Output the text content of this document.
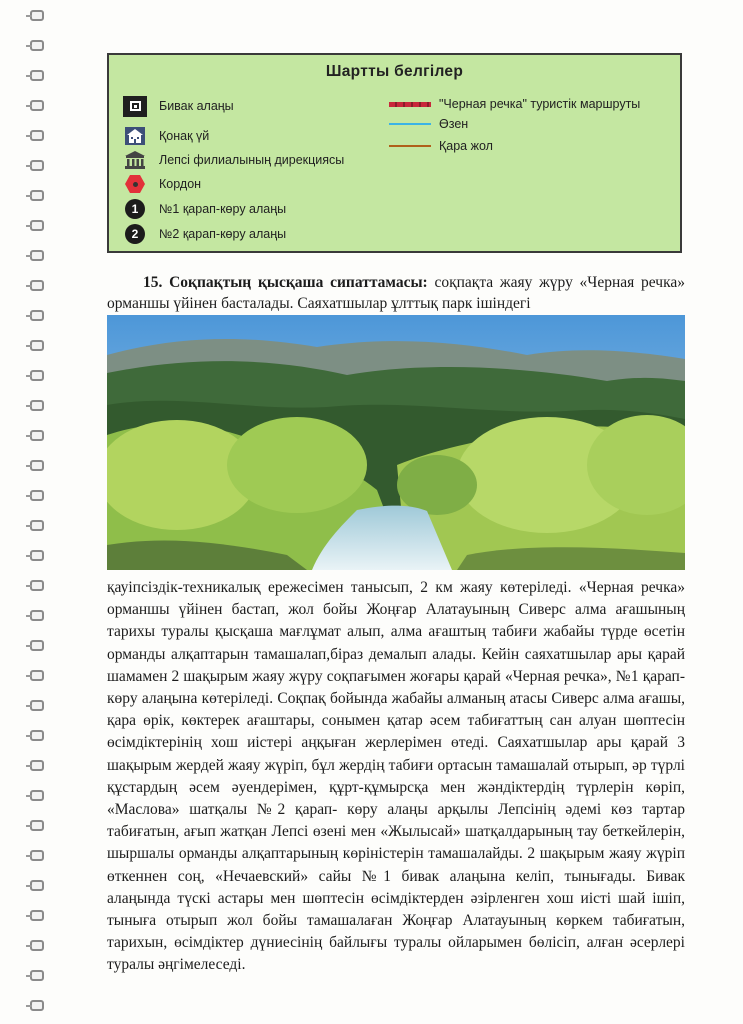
Шартты белгілер
Бивак алаңы
Қонақ үй
Лепсі филиалының дирекциясы
Кордон
1	№1 қарап-көру алаңы
2	№2 қарап-көру алаңы
"Черная речка" туристік маршруты
Өзен
Қара жол
15. Соқпақтың қысқаша сипаттамасы: соқпақта жаяу жүру «Черная речка» орманшы үйінен басталады. Саяхатшылар ұлттық парк ішіндегі
қауіпсіздік-техникалық ережесімен танысып, 2 км жаяу көтеріледі. «Черная речка» орманшы үйінен бастап, жол бойы Жоңғар Алатауының Сиверс алма ағашының тарихы туралы қысқаша мағлұмат алып, алма ағаштың табиғи жабайы түрде өсетін орманды алқаптарын тамашалап,біраз демалып алады. Кейін саяхатшылар ары қарай шамамен 2 шақырым жаяу жүру соқпағымен жоғары қарай «Черная речка», №1 қарап-көру алаңына көтеріледі. Соқпақ бойында жабайы алманың атасы Сиверс алма ағашы, қара өрік, көктерек ағаштары, сонымен қатар әсем табиғаттың сан алуан шөптесін өсімдіктерінің хош иістері аңқыған жерлерімен өтеді. Саяхатшылар ары қарай 3 шақырым жердей жаяу жүріп, бұл жердің табиғи ортасын тамашалай отырып, әр түрлі құстардың әсем әуендерімен, құрт-құмырсқа мен жәндіктердің түрлерін көріп, «Маслова» шатқалы №2 қарап- көру алаңы арқылы Лепсінің әдемі көз тартар табиғатын, ағып жатқан Лепсі өзені мен «Жылысай» шатқалдарының тау беткейлерін, шыршалы орманды алқаптарының көріністерін тамашалайды. 2 шақырым жаяу жүріп өткеннен соң, «Нечаевский» сайы №1 бивак алаңына келіп, тынығады. Бивак алаңында түскі астары мен шөптесін өсімдіктерден әзірленген хош иісті шай ішіп, тыныға отырып жол бойы тамашалаған Жоңғар Алатауының көркем табиғатын, тарихын, өсімдіктер дүниесінің байлығы туралы ойларымен бөлісіп, алған әсерлері туралы әңгімелеседі.
